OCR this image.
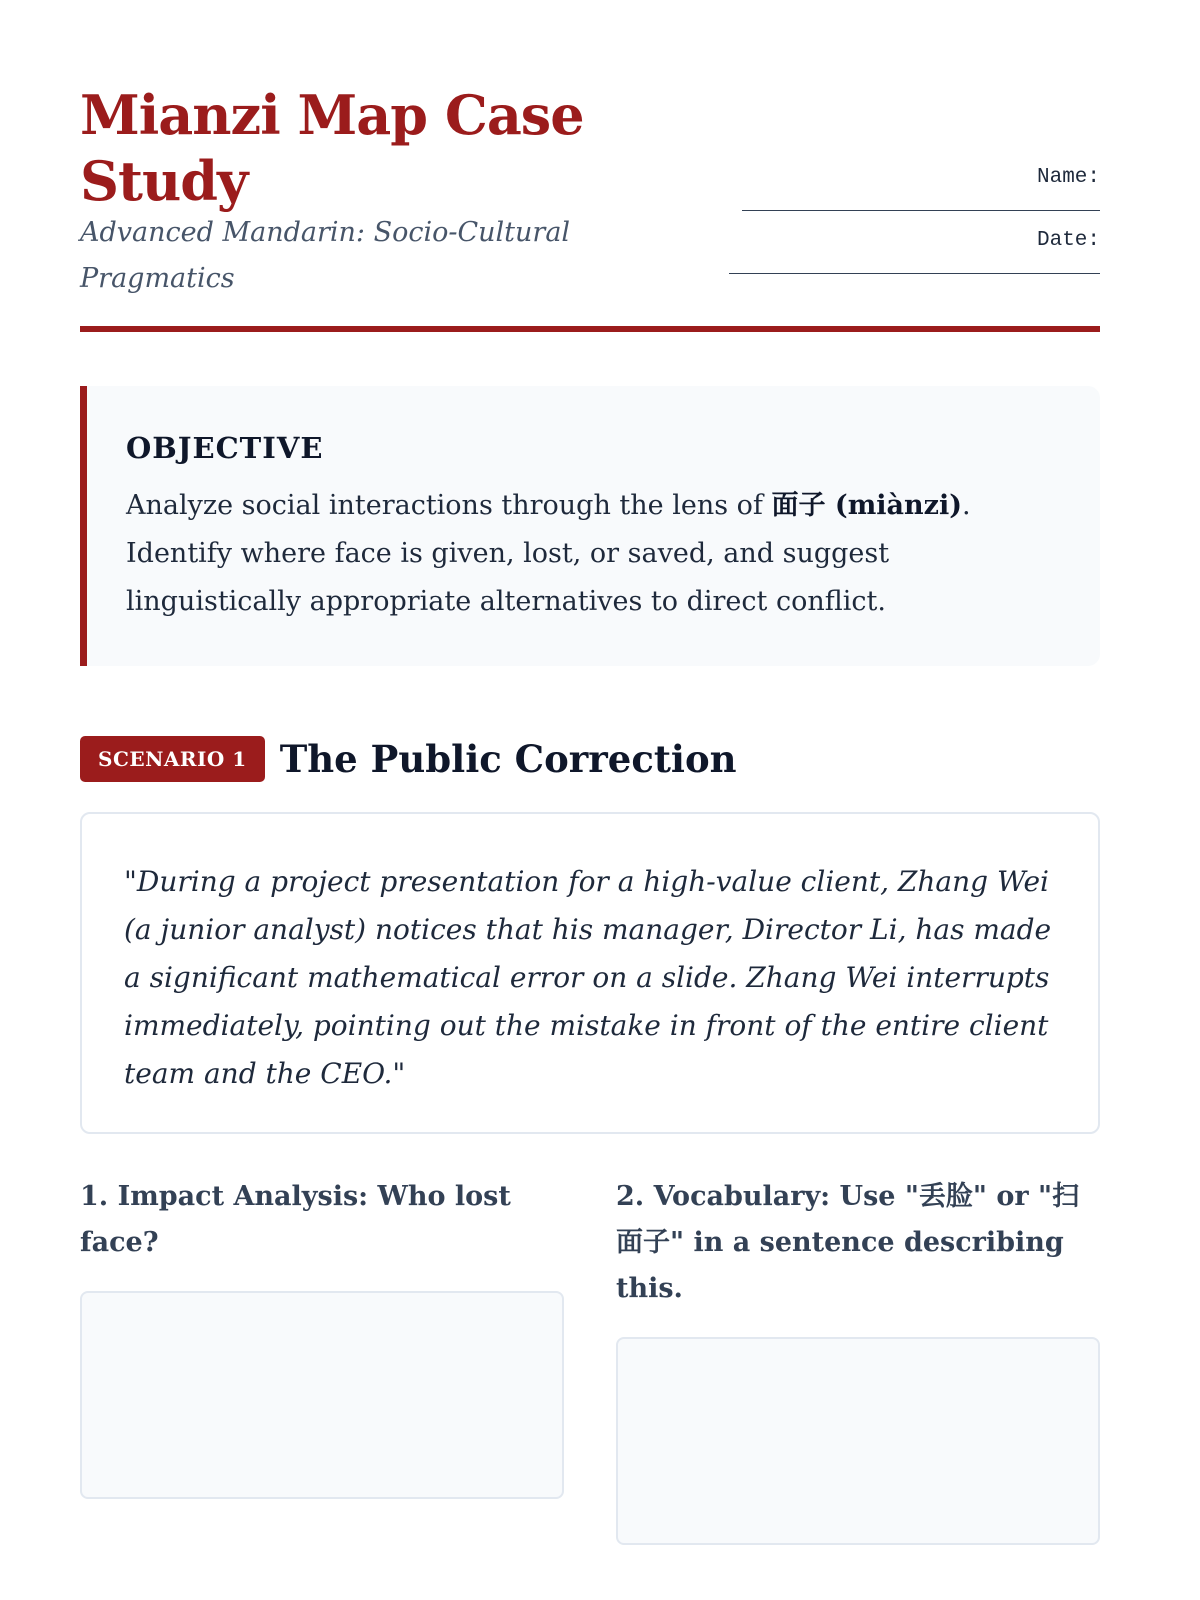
Mianzi Map Case Study

Advanced Mandarin: Socio-Cultural Pragmatics

Name:
Date:
OBJECTIVE

Analyze social interactions through the lens of 面子 (miànzi). Identify where face is given, lost, or saved, and suggest linguistically appropriate alternatives to direct conflict.

SCENARIO 1 The Public Correction

"During a project presentation for a high-value client, Zhang Wei (a junior analyst) notices that his manager, Director Li, has made a significant mathematical error on a slide. Zhang Wei interrupts immediately, pointing out the mistake in front of the entire client team and the CEO."

1. Impact Analysis: Who lost face?

2. Vocabulary: Use "丢脸" or "扫面子" in a sentence describing this.
